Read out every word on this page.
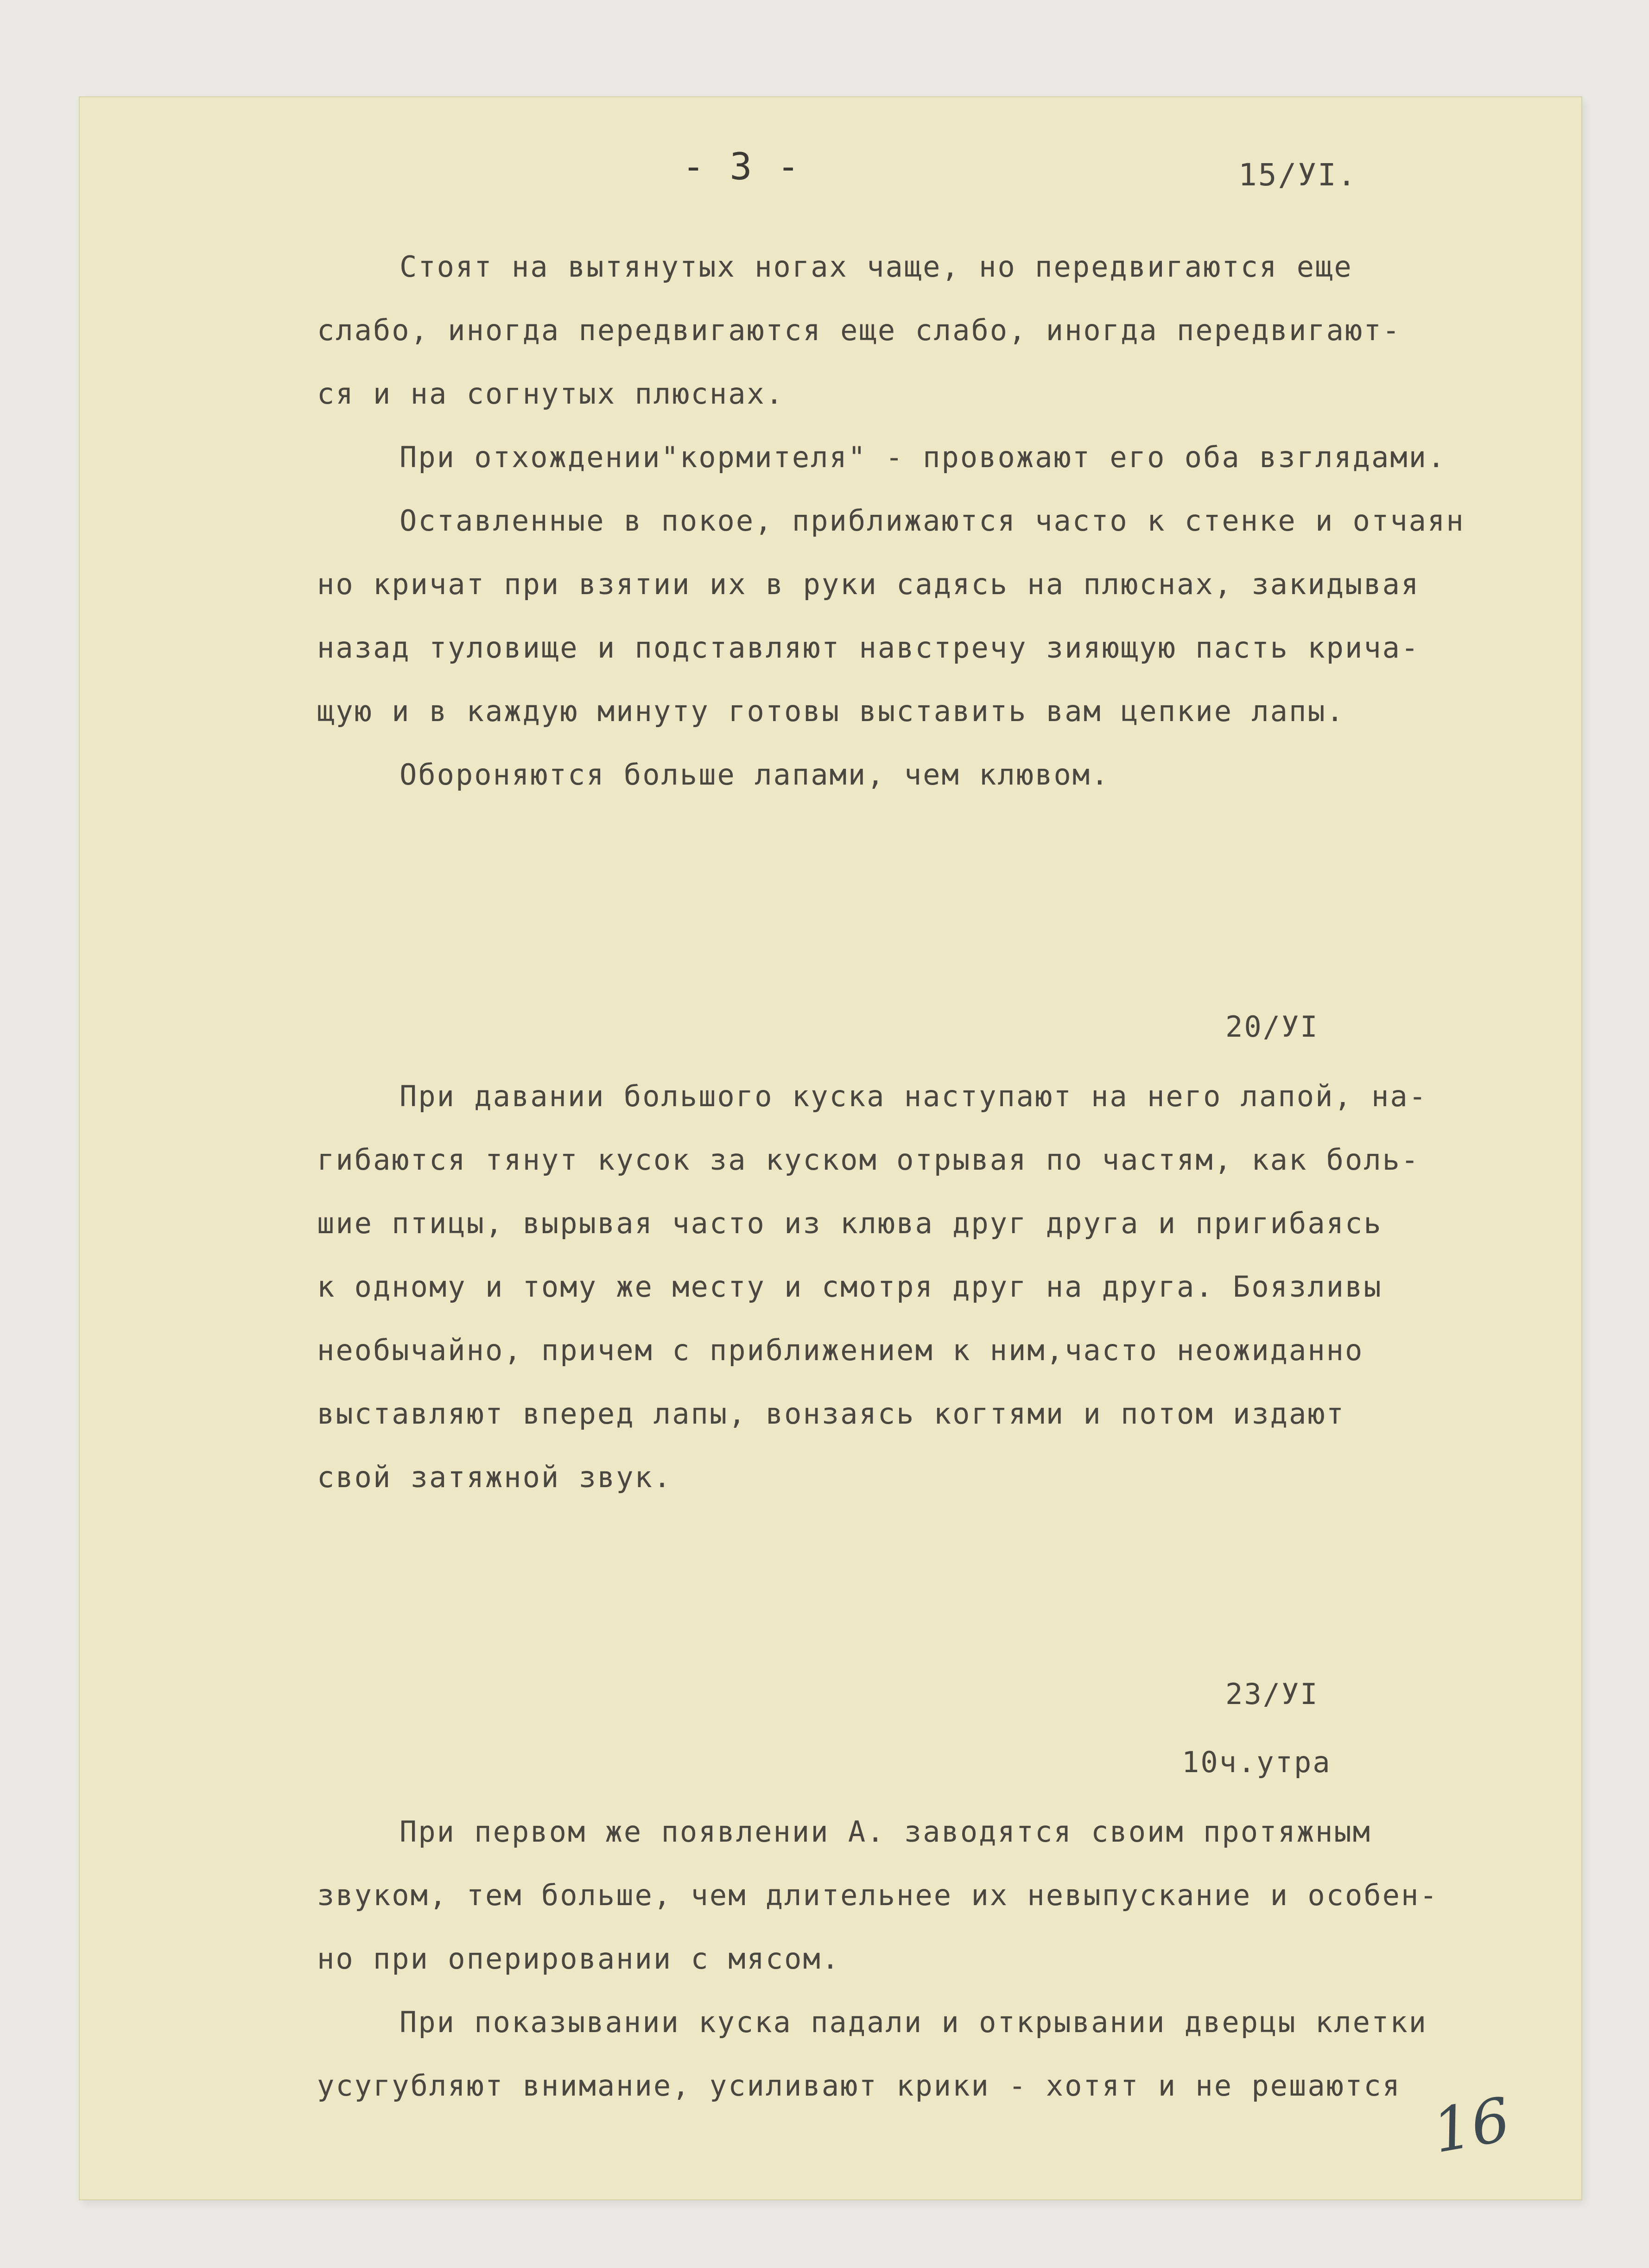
- 3 -	15/УI.
Стоят на вытянутых ногах чаще, но передвигаются еще
слабо, иногда передвигаются еще слабо, иногда передвигают-
ся и на согнутых плюснах.
При отхождении"кормителя" - провожают его оба взглядами.
Оставленные в покое, приближаются часто к стенке и отчаян
но кричат при взятии их в руки садясь на плюснах, закидывая
назад туловище и подставляют навстречу зияющую пасть крича-
щую и в каждую минуту готовы выставить вам цепкие лапы.
Обороняются больше лапами, чем клювом.
20/УI
При давании большого куска наступают на него лапой, на-
гибаются тянут кусок за куском отрывая по частям, как боль-
шие птицы, вырывая часто из клюва друг друга и пригибаясь
к одному и тому же месту и смотря друг на друга. Боязливы
необычайно, причем с приближением к ним,часто неожиданно
выставляют вперед лапы, вонзаясь когтями и потом издают
свой затяжной звук.
23/УI
10ч.утра
При первом же появлении А. заводятся своим протяжным
звуком, тем больше, чем длительнее их невыпускание и особен-
но при оперировании с мясом.
При показывании куска падали и открывании дверцы клетки
усугубляют внимание, усиливают крики - хотят и не решаются 16
